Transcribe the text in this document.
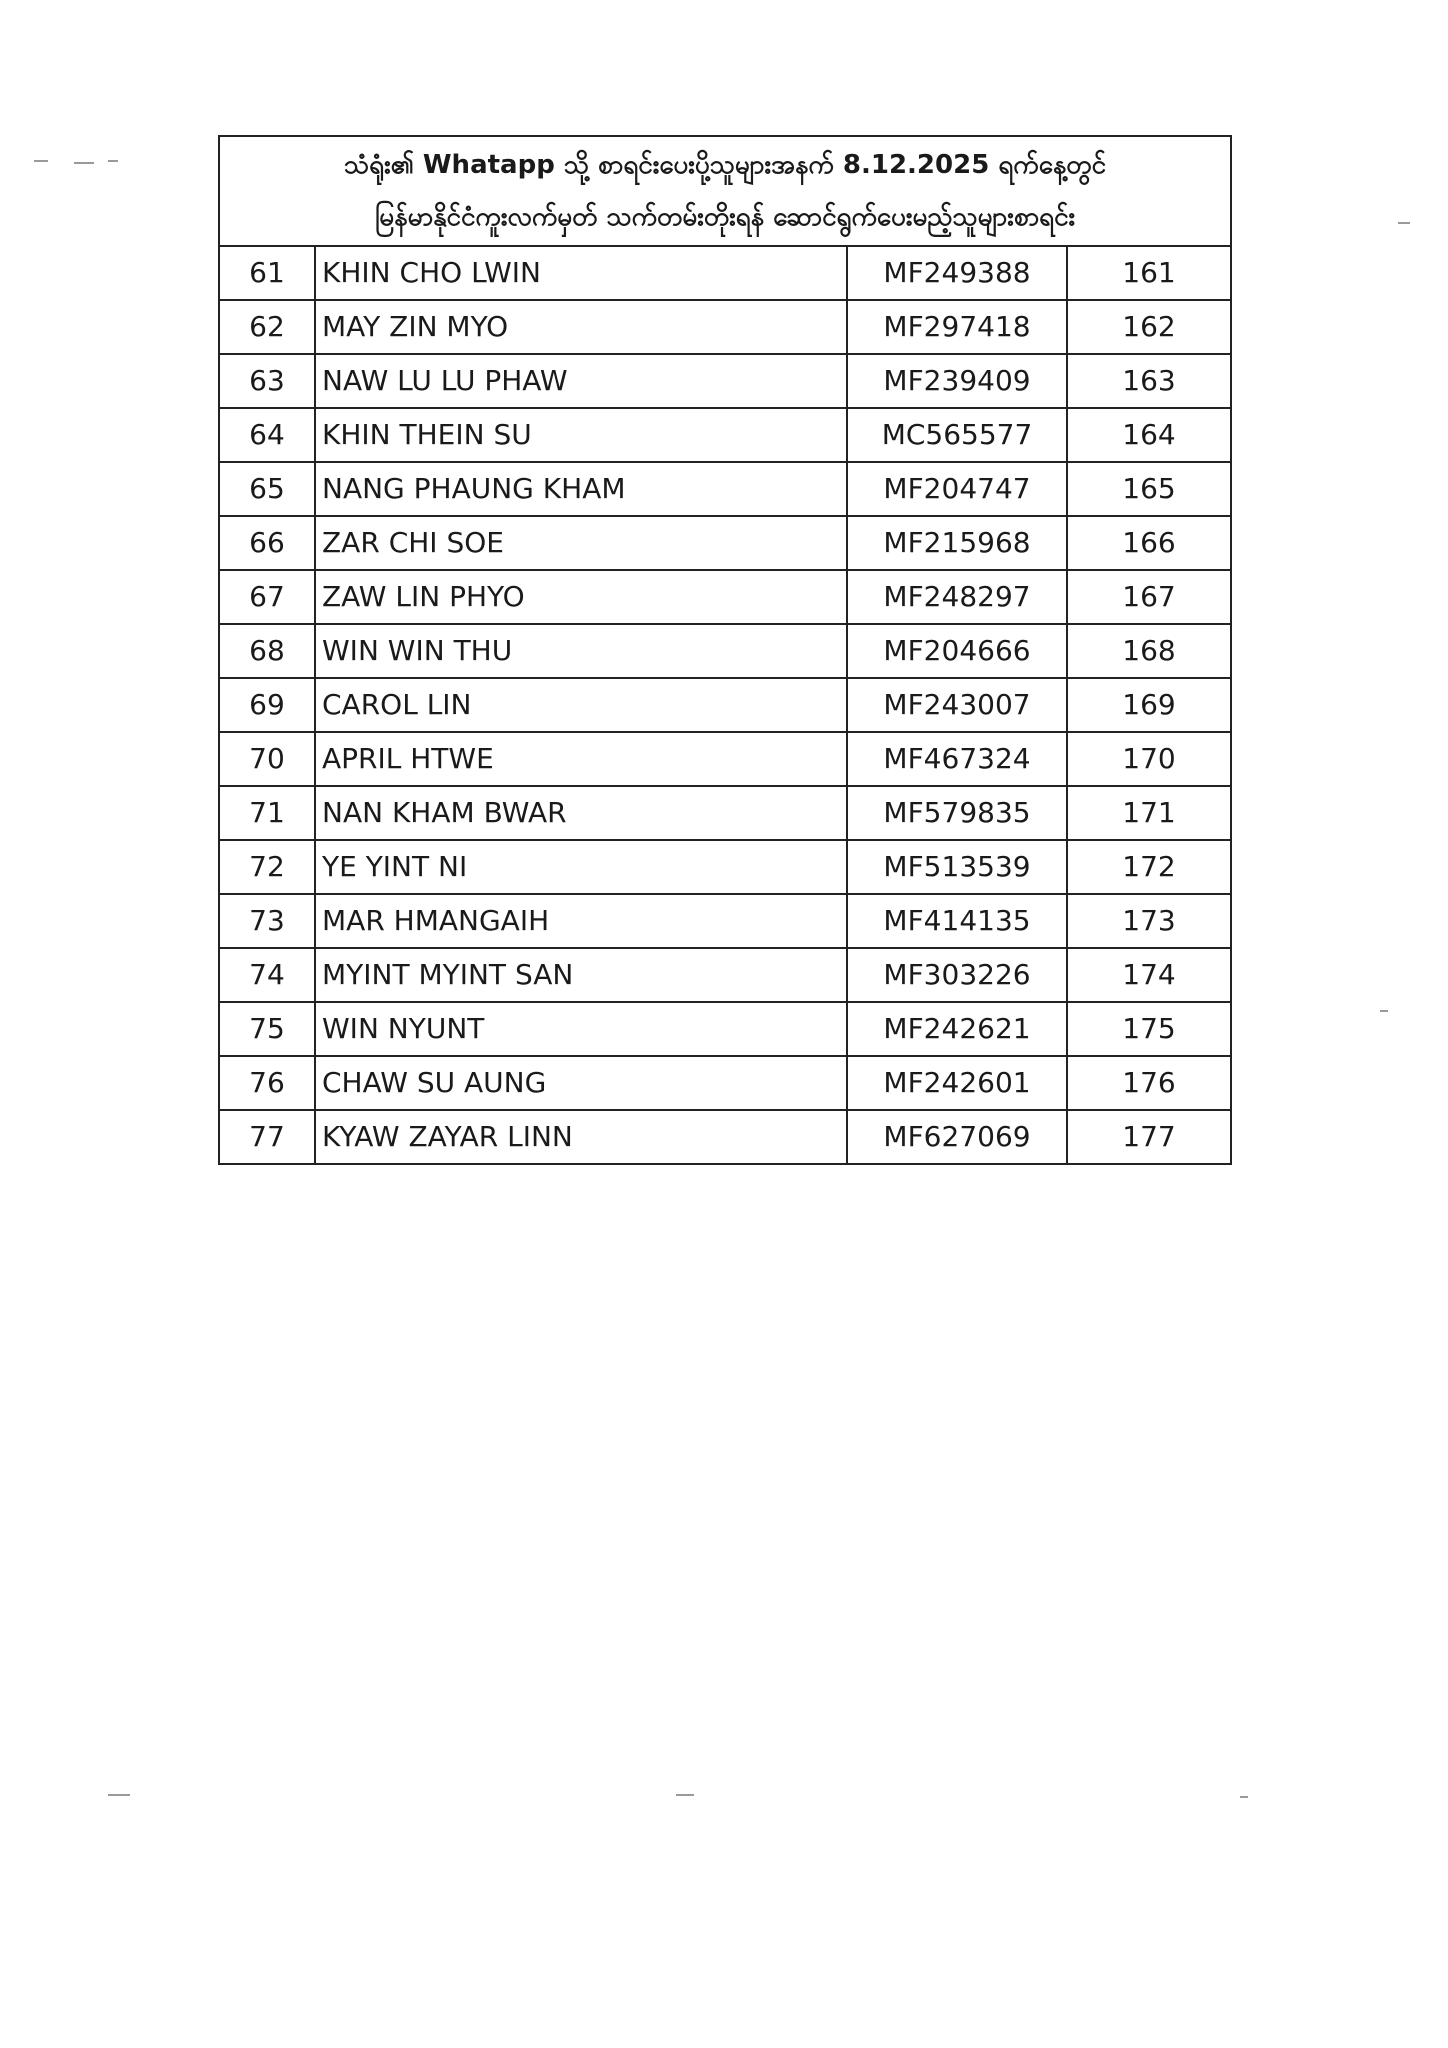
သံရုံး၏ Whatapp သို့ စာရင်းပေးပို့သူများအနက် 8.12.2025 ရက်နေ့တွင်
မြန်မာနိုင်ငံကူးလက်မှတ် သက်တမ်းတိုးရန် ဆောင်ရွက်ပေးမည့်သူများစာရင်း			

61	KHIN CHO LWIN	MF249388	161
62	MAY ZIN MYO	MF297418	162
63	NAW LU LU PHAW	MF239409	163
64	KHIN THEIN SU	MC565577	164
65	NANG PHAUNG KHAM	MF204747	165
66	ZAR CHI SOE	MF215968	166
67	ZAW LIN PHYO	MF248297	167
68	WIN WIN THU	MF204666	168
69	CAROL LIN	MF243007	169
70	APRIL HTWE	MF467324	170
71	NAN KHAM BWAR	MF579835	171
72	YE YINT NI	MF513539	172
73	MAR HMANGAIH	MF414135	173
74	MYINT MYINT SAN	MF303226	174
75	WIN NYUNT	MF242621	175
76	CHAW SU AUNG	MF242601	176
77	KYAW ZAYAR LINN	MF627069	177
